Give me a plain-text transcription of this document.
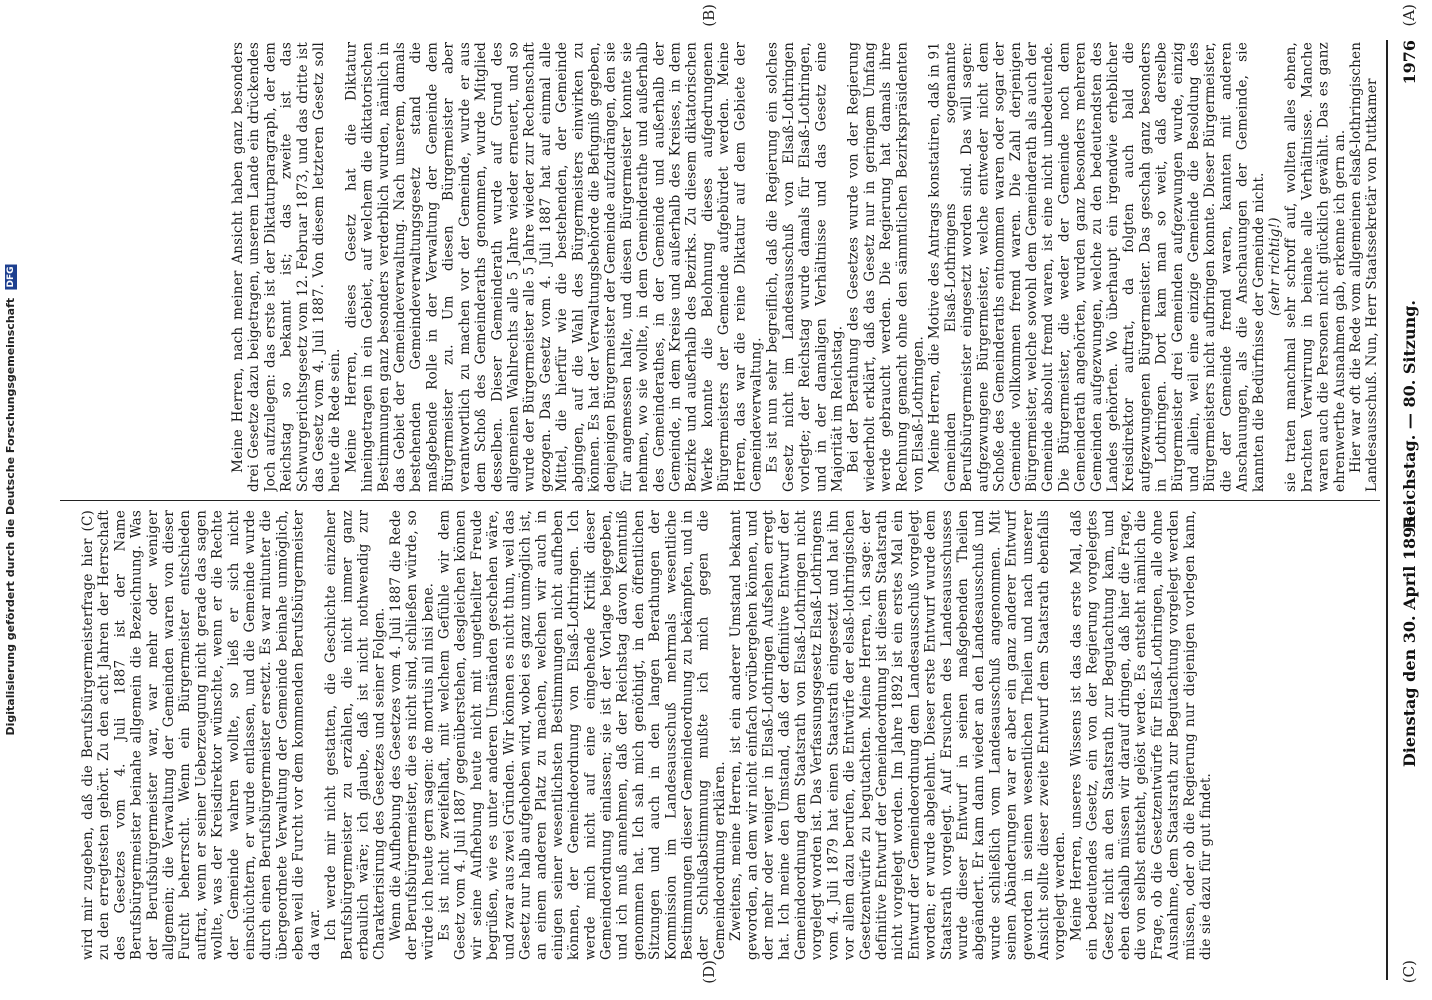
Digitalisierung gefördert durch die Deutsche Forschungsgemeinschaft DFG
1976
Reichstag. — 80. Sitzung.
Dienstag den 30. April 1895.
(A)
(B)
(C)
(D)

Meine Herren, nach meiner Ansicht haben ganz besonders drei Gesetze dazu beigetragen, unserem Lande ein drückendes Joch aufzulegen: das erste ist der Diktaturparagraph, der dem Reichstag so bekannt ist; das zweite ist das Schwurgerichtsgesetz vom 12. Februar 1873, und das dritte ist das Gesetz vom 4. Juli 1887. Von diesem letzteren Gesetz soll heute die Rede sein. Meine Herren, dieses Gesetz hat die Diktatur hineingetragen in ein Gebiet, auf welchem die diktatorischen Bestimmungen ganz besonders verderblich wurden, nämlich in das Gebiet der Gemeindeverwaltung. Nach unserem, damals bestehenden Gemeindeverwaltungsgesetz stand die maßgebende Rolle in der Verwaltung der Gemeinde dem Bürgermeister zu. Um diesen Bürgermeister aber verantwortlich zu machen vor der Gemeinde, wurde er aus dem Schoß des Gemeinderaths genommen, wurde Mitglied desselben. Dieser Gemeinderath wurde auf Grund des allgemeinen Wahlrechts alle 5 Jahre wieder erneuert, und so wurde der Bürgermeister alle 5 Jahre wieder zur Rechenschaft gezogen. Das Gesetz vom 4. Juli 1887 hat auf einmal alle Mittel, die hierfür wie die bestehenden, der Gemeinde abgingen, auf die Wahl des Bürgermeisters einwirken zu können. Es hat der Verwaltungsbehörde die Befugniß gegeben, denjenigen Bürgermeister der Gemeinde aufzudrängen, den sie für angemessen halte, und diesen Bürgermeister konnte sie nehmen, wo sie wollte, in dem Gemeinderathe und außerhalb des Gemeinderathes, in der Gemeinde und außerhalb der Gemeinde, in dem Kreise und außerhalb des Kreises, in dem Bezirke und außerhalb des Bezirks. Zu diesem diktatorischen Werke konnte die Belohnung dieses aufgedrungenen Bürgermeisters der Gemeinde aufgebürdet werden. Meine Herren, das war die reine Diktatur auf dem Gebiete der Gemeindeverwaltung. Es ist nun sehr begreiflich, daß die Regierung ein solches Gesetz nicht im Landesausschuß von Elsaß-Lothringen vorlegte; der Reichstag wurde damals für Elsaß-Lothringen, und in der damaligen Verhältnisse und das Gesetz eine Majorität im Reichstag. Bei der Berathung des Gesetzes wurde von der Regierung wiederholt erklärt, daß das Gesetz nur in geringem Umfang werde gebraucht werden. Die Regierung hat damals ihre Rechnung gemacht ohne den sämmtlichen Bezirkspräsidenten von Elsaß-Lothringen. Meine Herren, die Motive des Antrags konstatiren, daß in 91 Gemeinden Elsaß-Lothringens sogenannte Berufsbürgermeister eingesetzt worden sind. Das will sagen: aufgezwungene Bürgermeister, welche entweder nicht dem Schoße des Gemeinderaths entnommen waren oder sogar der Gemeinde vollkommen fremd waren. Die Zahl derjenigen Bürgermeister, welche sowohl dem Gemeinderath als auch der Gemeinde absolut fremd waren, ist eine nicht unbedeutende. Die Bürgermeister, die weder der Gemeinde noch dem Gemeinderath angehörten, wurden ganz besonders mehreren Gemeinden aufgezwungen, welche zu den bedeutendsten des Landes gehörten. Wo überhaupt ein irgendwie erheblicher Kreisdirektor auftrat, da folgten auch bald die aufgezwungenen Bürgermeister. Das geschah ganz besonders in Lothringen. Dort kam man so weit, daß derselbe Bürgermeister drei Gemeinden aufgezwungen wurde, einzig und allein, weil eine einzige Gemeinde die Besoldung des Bürgermeisters nicht aufbringen konnte. Dieser Bürgermeister, die der Gemeinde fremd waren, kannten mit anderen Anschauungen, als die Anschauungen der Gemeinde, sie kannten die Bedürfnisse der Gemeinde nicht. (sehr richtig!) sie traten manchmal sehr schroff auf, wollten alles ebnen, brachten Verwirrung in beinahe alle Verhältnisse. Manche waren auch die Personen nicht glücklich gewählt. Das es ganz ehrenwerthe Ausnahmen gab, erkenne ich gern an. Hier war oft die Rede vom allgemeinen elsaß-lothringischen Landesausschuß. Nun, Herr Staatssekretär von Puttkamer

wird mir zugeben, daß die Berufsbürgermeisterfrage hier (C) zu den erregtesten gehört. Zu den acht Jahren der Herrschaft des Gesetzes vom 4. Juli 1887 ist der Name Berufsbürgermeister beinahe allgemein die Bezeichnung. Was der Berufsbürgermeister war, war mehr oder weniger allgemein; die Verwaltung der Gemeinden waren von dieser Furcht beherrscht. Wenn ein Bürgermeister entschieden auftrat, wenn er seiner Ueberzeugung nicht gerade das sagen wollte, was der Kreisdirektor wünschte, wenn er die Rechte der Gemeinde wahren wollte, so ließ er sich nicht einschüchtern, er wurde entlassen, und die Gemeinde wurde durch einen Berufsbürgermeister ersetzt. Es war mitunter die übergeordnete Verwaltung der Gemeinde beinahe unmöglich, eben weil die Furcht vor dem kommenden Berufsbürgermeister da war. Ich werde mir nicht gestatten, die Geschichte einzelner Berufsbürgermeister zu erzählen, die nicht immer ganz erbaulich wäre; ich glaube, daß ist nicht nothwendig zur Charakterisirung des Gesetzes und seiner Folgen. Wenn die Aufhebung des Gesetzes vom 4. Juli 1887 die Rede der Berufsbürgermeister, die es nicht sind, schließen würde, so würde ich heute gern sagen: de mortuis nil nisi bene. Es ist nicht zweifelhaft, mit welchem Gefühle wir dem Gesetz vom 4. Juli 1887 gegenüberstehen, desgleichen können wir seine Aufhebung heute nicht mit ungetheilter Freude begrüßen, wie es unter anderen Umständen geschehen wäre, und zwar aus zwei Gründen. Wir können es nicht thun, weil das Gesetz nur halb aufgehoben wird, wobei es ganz unmöglich ist, an einem anderen Platz zu machen, welchen wir auch in einigen seiner wesentlichsten Bestimmungen nicht aufheben können, der Gemeindeordnung von Elsaß-Lothringen. Ich werde mich nicht auf eine eingehende Kritik dieser Gemeindeordnung einlassen; sie ist der Vorlage beigegeben, und ich muß annehmen, daß der Reichstag davon Kenntniß genommen hat. Ich sah mich genöthigt, in den öffentlichen Sitzungen und auch in den langen Berathungen der Kommission im Landesausschuß mehrmals wesentliche Bestimmungen dieser Gemeindeordnung zu bekämpfen, und in der Schlußabstimmung mußte ich mich gegen die Gemeindeordnung erklären. Zweitens, meine Herren, ist ein anderer Umstand bekannt geworden, an dem wir nicht einfach vorübergehen können, und der mehr oder weniger in Elsaß-Lothringen Aufsehen erregt hat. Ich meine den Umstand, daß der definitive Entwurf der Gemeindeordnung dem Staatsrath von Elsaß-Lothringen nicht vorgelegt worden ist. Das Verfassungsgesetz Elsaß-Lothringens vom 4. Juli 1879 hat einen Staatsrath eingesetzt und hat ihn vor allem dazu berufen, die Entwürfe der elsaß-lothringischen Gesetzentwürfe zu begutachten. Meine Herren, ich sage: der definitive Entwurf der Gemeindeordnung ist diesem Staatsrath nicht vorgelegt worden. Im Jahre 1892 ist ein erstes Mal ein Entwurf der Gemeindeordnung dem Landesausschuß vorgelegt worden; er wurde abgelehnt. Dieser erste Entwurf wurde dem Staatsrath vorgelegt. Auf Ersuchen des Landesausschusses wurde dieser Entwurf in seinen maßgebenden Theilen abgeändert. Er kam dann wieder an den Landesausschuß und wurde schließlich vom Landesausschuß angenommen. Mit seinen Abänderungen war er aber ein ganz anderer Entwurf geworden in seinen wesentlichen Theilen und nach unserer Ansicht sollte dieser zweite Entwurf dem Staatsrath ebenfalls vorgelegt werden. Meine Herren, unseres Wissens ist das das erste Mal, daß ein bedeutendes Gesetz, ein von der Regierung vorgelegtes Gesetz nicht an den Staatsrath zur Begutachtung kam, und eben deshalb müssen wir darauf dringen, daß hier die Frage, die von selbst entsteht, gelöst werde. Es entsteht nämlich die Frage, ob die Gesetzentwürfe für Elsaß-Lothringen, alle ohne Ausnahme, dem Staatsrath zur Begutachtung vorgelegt werden müssen, oder ob die Regierung nur diejenigen vorlegen kann, die sie dazu für gut findet.
